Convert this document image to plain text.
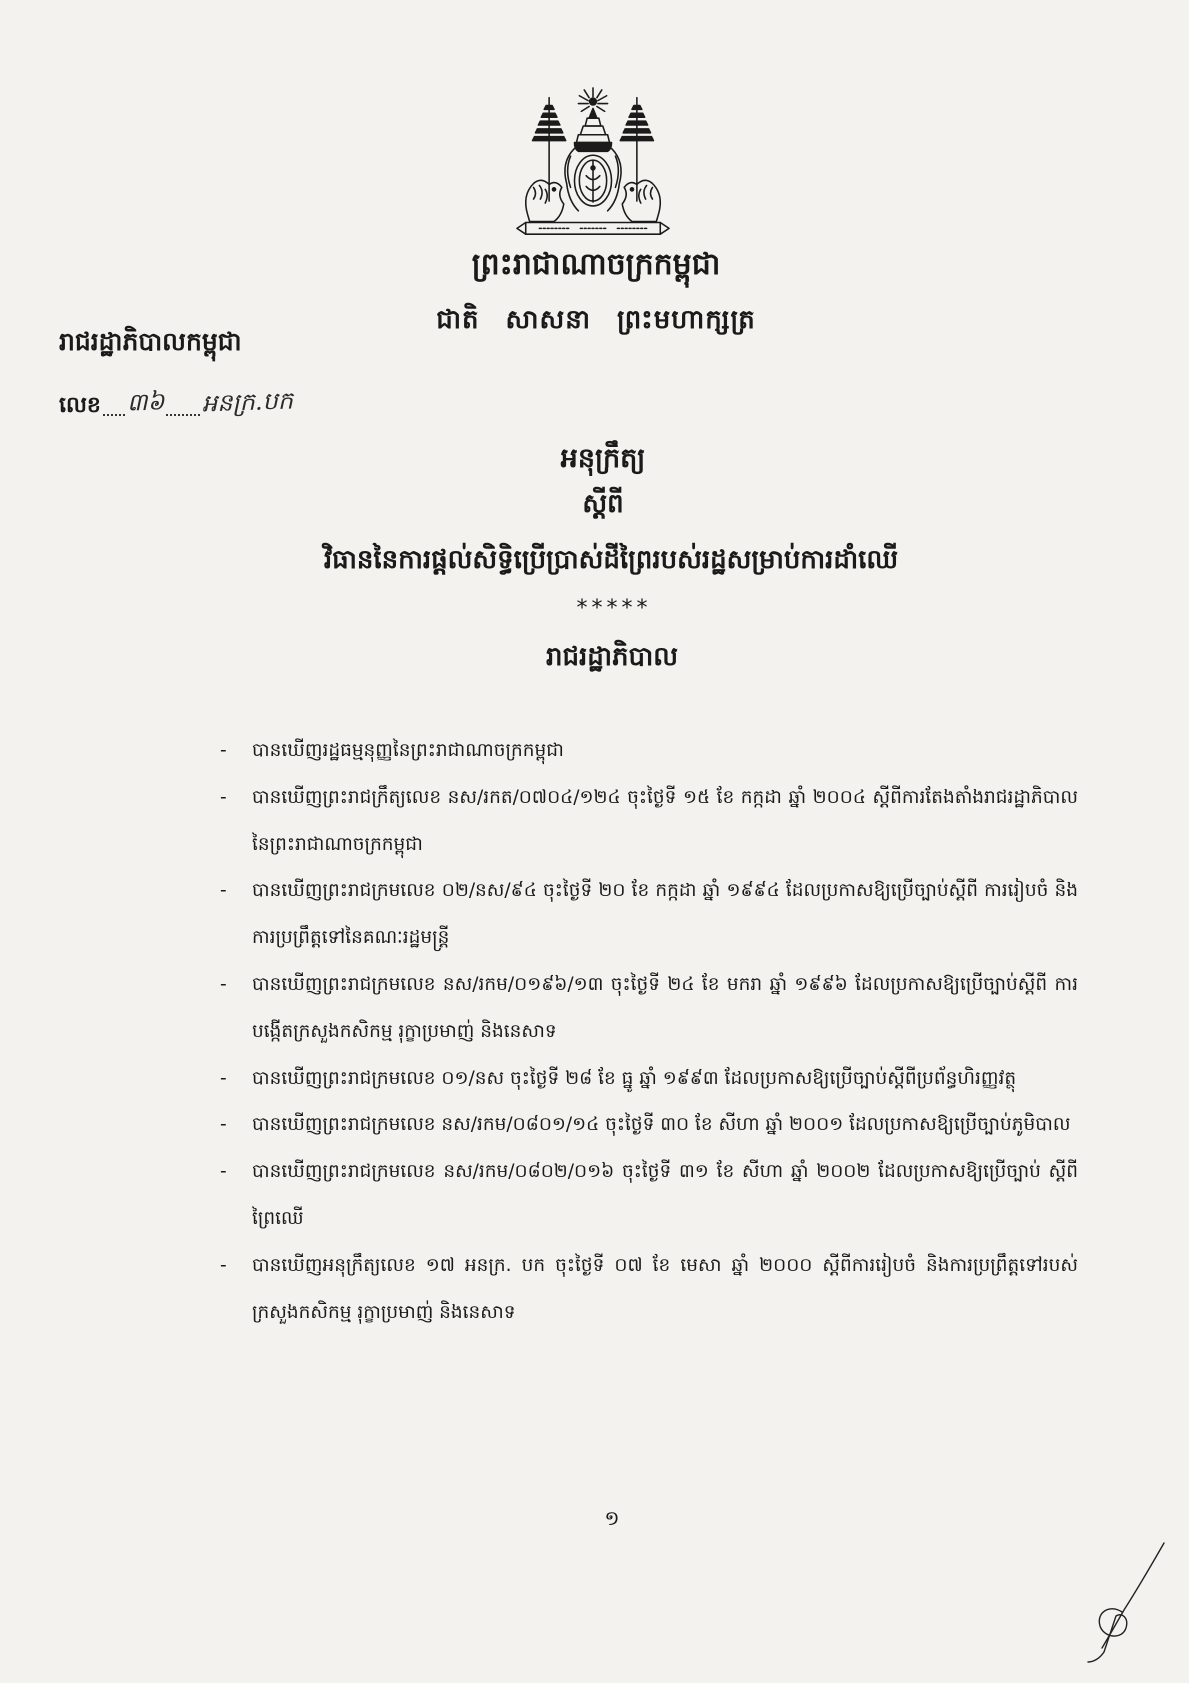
ព្រះរាជាណាចក្រកម្ពុជា
ជាតិ សាសនា ព្រះមហាក្សត្រ
រាជរដ្ឋាភិបាលកម្ពុជា
លេខ ៣៦ អនក្រ.បក
អនុក្រឹត្យ
ស្តីពី
វិធាននៃការផ្តល់សិទ្ធិប្រើប្រាស់ដីព្រៃរបស់រដ្ឋសម្រាប់ការដាំឈើ
*****
រាជរដ្ឋាភិបាល
-	បានឃើញរដ្ឋធម្មនុញ្ញនៃព្រះរាជាណាចក្រកម្ពុជា
-	បានឃើញព្រះរាជក្រឹត្យលេខ នស/រកត/០៧០៤/១២៤ ចុះថ្ងៃទី ១៥ ខែ កក្កដា ឆ្នាំ ២០០៤ ស្តីពីការតែងតាំងរាជរដ្ឋាភិបាល នៃព្រះរាជាណាចក្រកម្ពុជា
-	បានឃើញព្រះរាជក្រមលេខ ០២/នស/៩៤ ចុះថ្ងៃទី ២០ ខែ កក្កដា ឆ្នាំ ១៩៩៤ ដែលប្រកាសឱ្យប្រើច្បាប់ស្តីពី ការរៀបចំ និងការប្រព្រឹត្តទៅនៃគណៈរដ្ឋមន្ត្រី
-	បានឃើញព្រះរាជក្រមលេខ នស/រកម/០១៩៦/១៣ ចុះថ្ងៃទី ២៤ ខែ មករា ឆ្នាំ ១៩៩៦ ដែលប្រកាសឱ្យប្រើច្បាប់ស្តីពី ការបង្កើតក្រសួងកសិកម្ម រុក្ខាប្រមាញ់ និងនេសាទ
-	បានឃើញព្រះរាជក្រមលេខ ០១/នស ចុះថ្ងៃទី ២៨ ខែ ធ្នូ ឆ្នាំ ១៩៩៣ ដែលប្រកាសឱ្យប្រើច្បាប់ស្តីពីប្រព័ន្ធហិរញ្ញវត្ថុ
-	បានឃើញព្រះរាជក្រមលេខ នស/រកម/០៨០១/១៤ ចុះថ្ងៃទី ៣០ ខែ សីហា ឆ្នាំ ២០០១ ដែលប្រកាសឱ្យប្រើច្បាប់ភូមិបាល
-	បានឃើញព្រះរាជក្រមលេខ នស/រកម/០៨០២/០១៦ ចុះថ្ងៃទី ៣១ ខែ សីហា ឆ្នាំ ២០០២ ដែលប្រកាសឱ្យប្រើច្បាប់ ស្តីពីព្រៃឈើ
-	បានឃើញអនុក្រឹត្យលេខ ១៧ អនក្រ. បក ចុះថ្ងៃទី ០៧ ខែ មេសា ឆ្នាំ ២០០០ ស្តីពីការរៀបចំ និងការប្រព្រឹត្តទៅរបស់ក្រសួងកសិកម្ម រុក្ខាប្រមាញ់ និងនេសាទ
១
